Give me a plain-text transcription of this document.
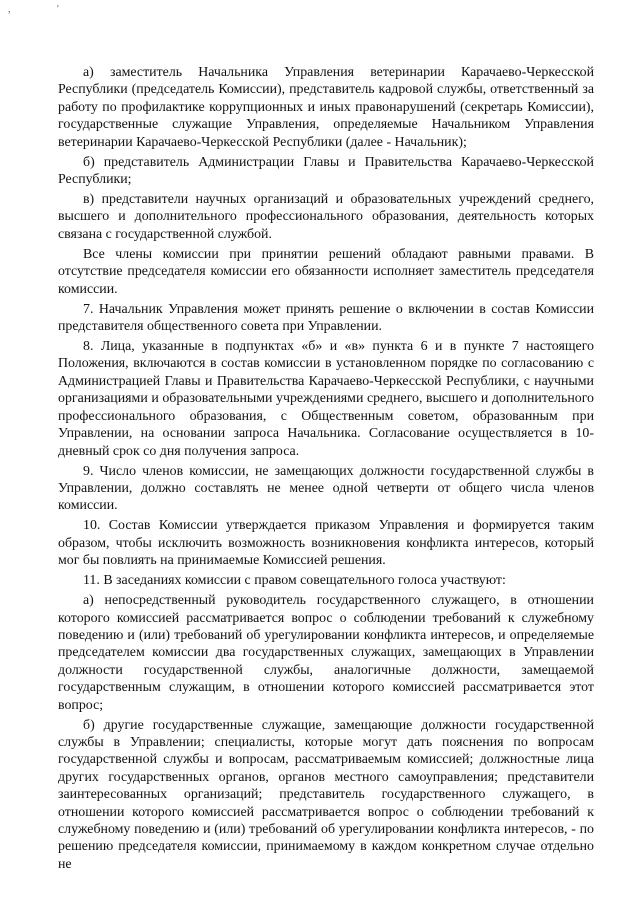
, '

а) заместитель Начальника Управления ветеринарии Карачаево-Черкесской Республики (председатель Комиссии), представитель кадровой службы, ответственный за работу по профилактике коррупционных и иных правонарушений (секретарь Комиссии), государственные служащие Управления, определяемые Начальником Управления ветеринарии Карачаево-Черкесской Республики (далее - Начальник);

б) представитель Администрации Главы и Правительства Карачаево-Черкесской Республики;

в) представители научных организаций и образовательных учреждений среднего, высшего и дополнительного профессионального образования, деятельность которых связана с государственной службой.

Все члены комиссии при принятии решений обладают равными правами. В отсутствие председателя комиссии его обязанности исполняет заместитель председателя комиссии.

7. Начальник Управления может принять решение о включении в состав Комиссии представителя общественного совета при Управлении.

8. Лица, указанные в подпунктах «б» и «в» пункта 6 и в пункте 7 настоящего Положения, включаются в состав комиссии в установленном порядке по согласованию с Администрацией Главы и Правительства Карачаево-Черкесской Республики, с научными организациями и образовательными учреждениями среднего, высшего и дополнительного профессионального образования, с Общественным советом, образованным при Управлении, на основании запроса Начальника. Согласование осуществляется в 10-дневный срок со дня получения запроса.

9. Число членов комиссии, не замещающих должности государственной службы в Управлении, должно составлять не менее одной четверти от общего числа членов комиссии.

10. Состав Комиссии утверждается приказом Управления и формируется таким образом, чтобы исключить возможность возникновения конфликта интересов, который мог бы повлиять на принимаемые Комиссией решения.

11. В заседаниях комиссии с правом совещательного голоса участвуют:

а) непосредственный руководитель государственного служащего, в отношении которого комиссией рассматривается вопрос о соблюдении требований к служебному поведению и (или) требований об урегулировании конфликта интересов, и определяемые председателем комиссии два государственных служащих, замещающих в Управлении должности государственной службы, аналогичные должности, замещаемой государственным служащим, в отношении которого комиссией рассматривается этот вопрос;

б) другие государственные служащие, замещающие должности государственной службы в Управлении; специалисты, которые могут дать пояснения по вопросам государственной службы и вопросам, рассматриваемым комиссией; должностные лица других государственных органов, органов местного самоуправления; представители заинтересованных организаций; представитель государственного служащего, в отношении которого комиссией рассматривается вопрос о соблюдении требований к служебному поведению и (или) требований об урегулировании конфликта интересов, - по решению председателя комиссии, принимаемому в каждом конкретном случае отдельно не
